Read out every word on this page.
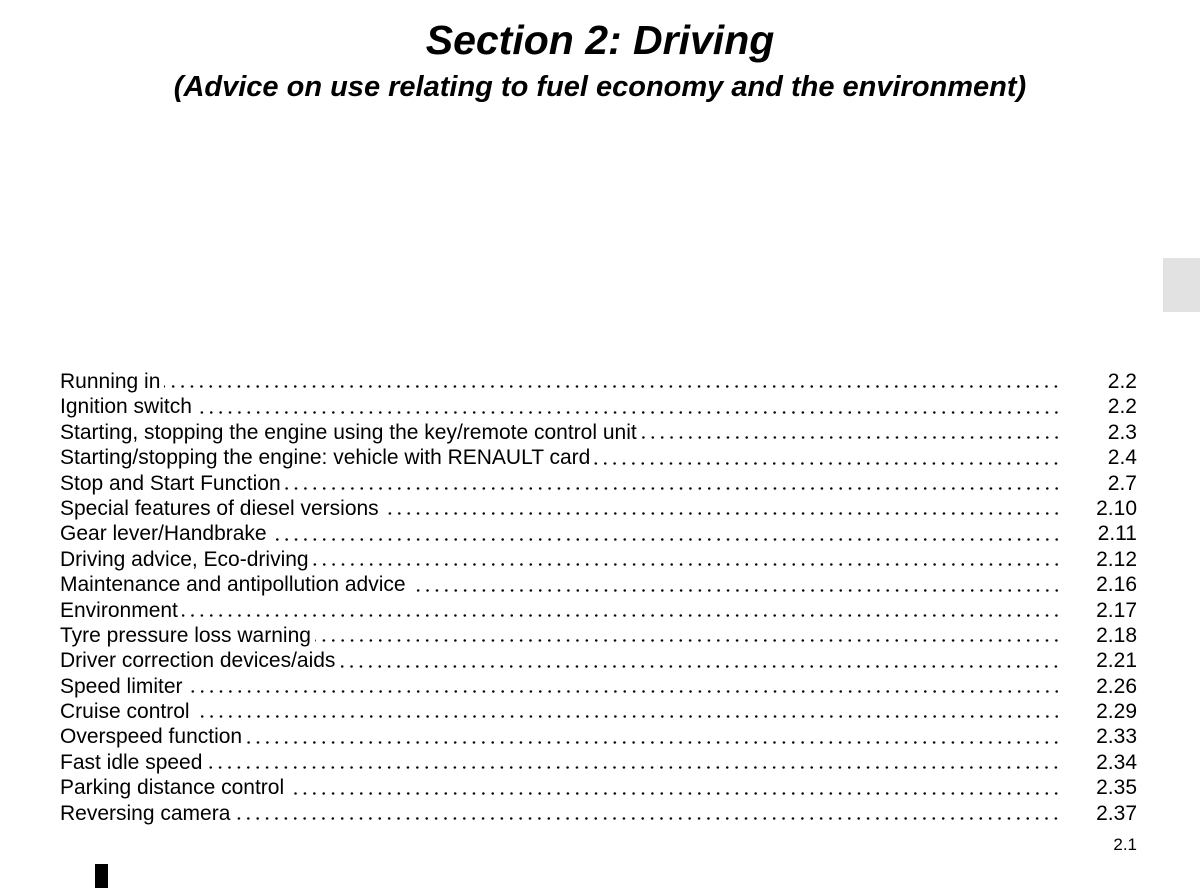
Section 2: Driving
(Advice on use relating to fuel economy and the environment)
Running in	2.2
Ignition switch	2.2
Starting, stopping the engine using the key/remote control unit	2.3
Starting/stopping the engine: vehicle with RENAULT card	2.4
Stop and Start Function	2.7
Special features of diesel versions	2.10
Gear lever/Handbrake	2.11
Driving advice, Eco-driving	2.12
Maintenance and antipollution advice	2.16
Environment	2.17
Tyre pressure loss warning	2.18
Driver correction devices/aids	2.21
Speed limiter	2.26
Cruise control	2.29
Overspeed function	2.33
Fast idle speed	2.34
Parking distance control	2.35
Reversing camera	2.37
2.1
